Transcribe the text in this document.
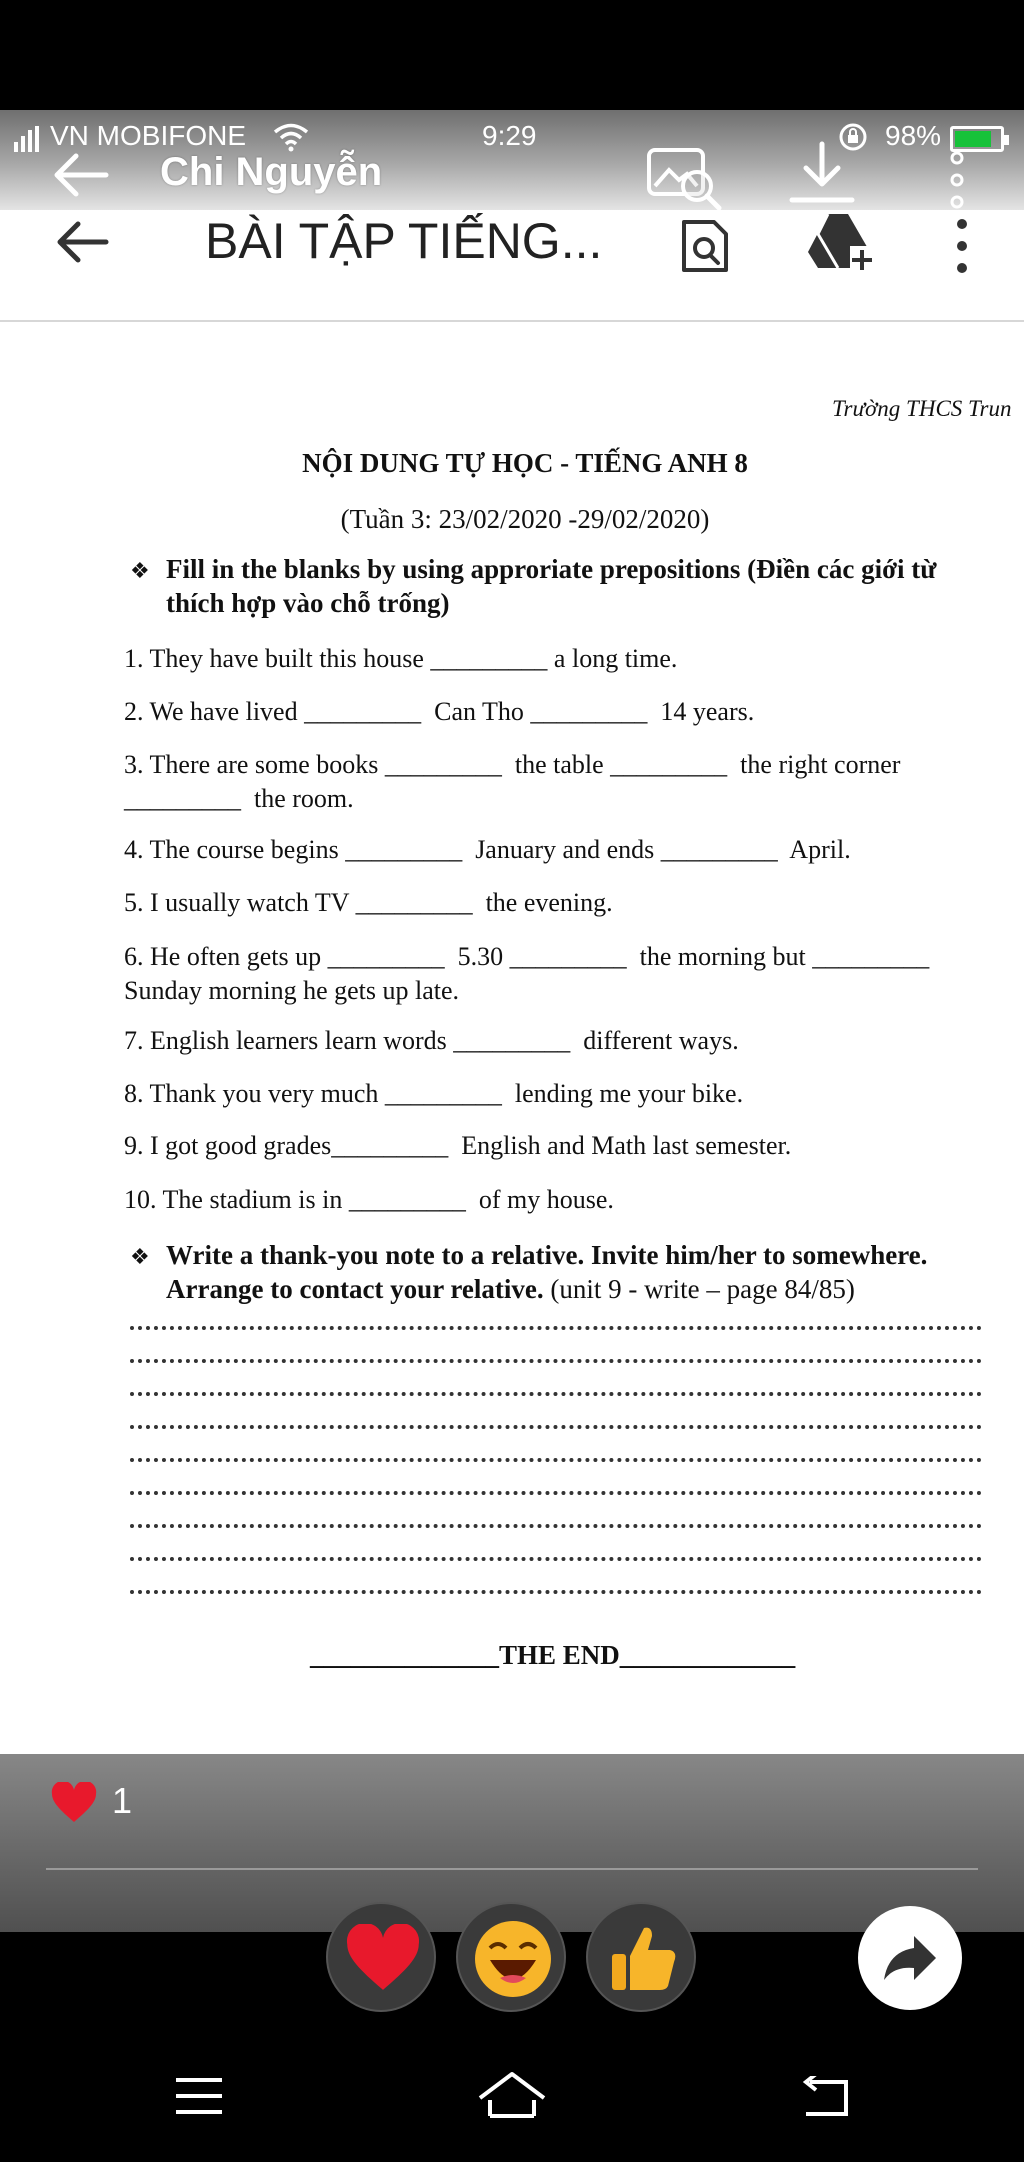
VN MOBIFONE	9:29	98%
Chi Nguyễn
BÀI TẬP TIẾNG...
Trường THCS Trun
NỘI DUNG TỰ HỌC - TIẾNG ANH 8
(Tuần 3: 23/02/2020 -29/02/2020)
❖ Fill in the blanks by using approriate prepositions (Điền các giới từ thích hợp vào chỗ trống)
1. They have built this house _________ a long time.
2. We have lived _________  Can Tho _________  14 years.
3. There are some books _________  the table _________  the right corner
_________  the room.
4. The course begins _________  January and ends _________  April.
5. I usually watch TV _________  the evening.
6. He often gets up _________  5.30 _________  the morning but _________
Sunday morning he gets up late.
7. English learners learn words _________  different ways.
8. Thank you very much _________  lending me your bike.
9. I got good grades_________  English and Math last semester.
10. The stadium is in _________  of my house.
❖ Write a thank-you note to a relative. Invite him/her to somewhere. Arrange to contact your relative. (unit 9 - write – page 84/85)
______________THE END_____________
1
